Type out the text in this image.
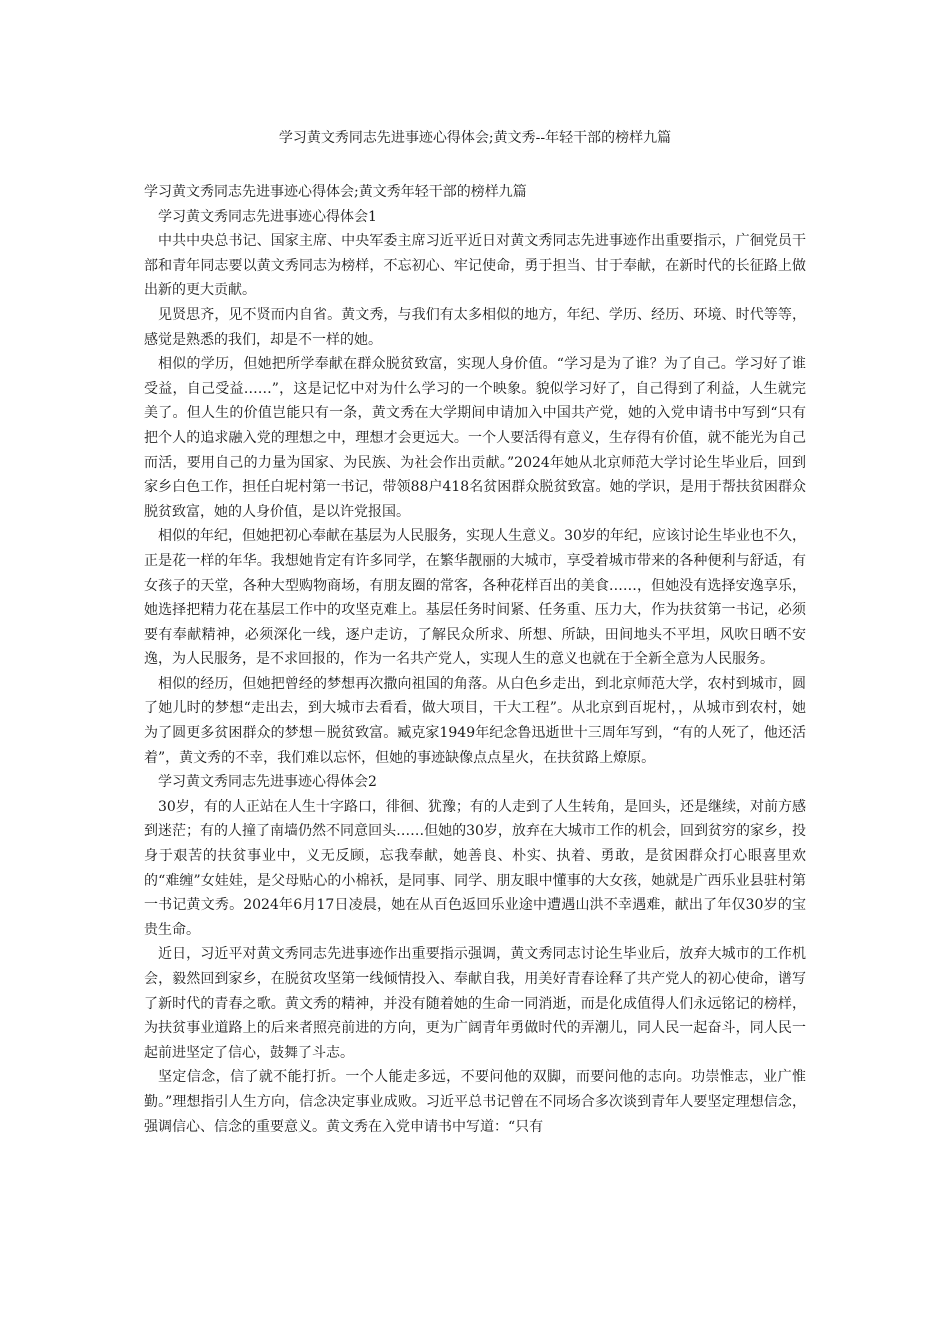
学习黄文秀同志先进事迹心得体会;黄文秀--年轻干部的榜样九篇

学习黄文秀同志先进事迹心得体会;黄文秀年轻干部的榜样九篇

学习黄文秀同志先进事迹心得体会1

中共中央总书记、国家主席、中央军委主席习近平近日对黄文秀同志先进事迹作出重要指示，广徊党员干部和青年同志要以黄文秀同志为榜样，不忘初心、牢记使命，勇于担当、甘于奉献，在新时代的长征路上做出新的更大贡献。

见贤思齐，见不贤而内自省。黄文秀，与我们有太多相似的地方，年纪、学历、经历、环境、时代等等，感觉是熟悉的我们，却是不一样的她。

相似的学历，但她把所学奉献在群众脱贫致富，实现人身价值。“学习是为了谁？为了自己。学习好了谁受益，自己受益……”，这是记忆中对为什么学习的一个映象。貌似学习好了，自己得到了利益，人生就完美了。但人生的价值岂能只有一条，黄文秀在大学期间申请加入中国共产党，她的入党申请书中写到“只有把个人的追求融入党的理想之中，理想才会更远大。一个人要活得有意义，生存得有价值，就不能光为自己而活，要用自己的力量为国家、为民族、为社会作出贡献。”2024年她从北京师范大学讨论生毕业后，回到家乡白色工作，担任白坭村第一书记，带领88户418名贫困群众脱贫致富。她的学识，是用于帮扶贫困群众脱贫致富，她的人身价值，是以许党报国。

相似的年纪，但她把初心奉献在基层为人民服务，实现人生意义。30岁的年纪，应该讨论生毕业也不久，正是花一样的年华。我想她肯定有许多同学，在繁华靓丽的大城市，享受着城市带来的各种便利与舒适，有女孩子的天堂，各种大型购物商场，有朋友圈的常客，各种花样百出的美食……，但她没有选择安逸享乐，她选择把精力花在基层工作中的攻坚克难上。基层任务时间紧、任务重、压力大，作为扶贫第一书记，必须要有奉献精神，必须深化一线，逐户走访，了解民众所求、所想、所缺，田间地头不平坦，风吹日晒不安逸，为人民服务，是不求回报的，作为一名共产党人，实现人生的意义也就在于全新全意为人民服务。

相似的经历，但她把曾经的梦想再次撒向祖国的角落。从白色乡走出，到北京师范大学，农村到城市，圆了她儿时的梦想“走出去，到大城市去看看，做大项目，干大工程”。从北京到百坭村，，从城市到农村，她为了圆更多贫困群众的梦想－脱贫致富。臧克家1949年纪念鲁迅逝世十三周年写到，“有的人死了，他还活着”，黄文秀的不幸，我们难以忘怀，但她的事迹缺像点点星火，在扶贫路上燎原。

学习黄文秀同志先进事迹心得体会2

30岁，有的人正站在人生十字路口，徘徊、犹豫；有的人走到了人生转角，是回头，还是继续，对前方感到迷茫；有的人撞了南墙仍然不同意回头……但她的30岁，放弃在大城市工作的机会，回到贫穷的家乡，投身于艰苦的扶贫事业中，义无反顾，忘我奉献，她善良、朴实、执着、勇敢，是贫困群众打心眼喜里欢的“难缠”女娃娃，是父母贴心的小棉袄，是同事、同学、朋友眼中懂事的大女孩，她就是广西乐业县驻村第一书记黄文秀。2024年6月17日凌晨，她在从百色返回乐业途中遭遇山洪不幸遇难，献出了年仅30岁的宝贵生命。

近日，习近平对黄文秀同志先进事迹作出重要指示强调，黄文秀同志讨论生毕业后，放弃大城市的工作机会，毅然回到家乡，在脱贫攻坚第一线倾情投入、奉献自我，用美好青春诠释了共产党人的初心使命，谱写了新时代的青春之歌。黄文秀的精神，并没有随着她的生命一同消逝，而是化成值得人们永远铭记的榜样，为扶贫事业道路上的后来者照亮前进的方向，更为广阔青年勇做时代的弄潮儿，同人民一起奋斗，同人民一起前进坚定了信心，鼓舞了斗志。

坚定信念，信了就不能打折。一个人能走多远，不要问他的双脚，而要问他的志向。功崇惟志，业广惟勤。”理想指引人生方向，信念决定事业成败。习近平总书记曾在不同场合多次谈到青年人要坚定理想信念，强调信心、信念的重要意义。黄文秀在入党申请书中写道：“只有
